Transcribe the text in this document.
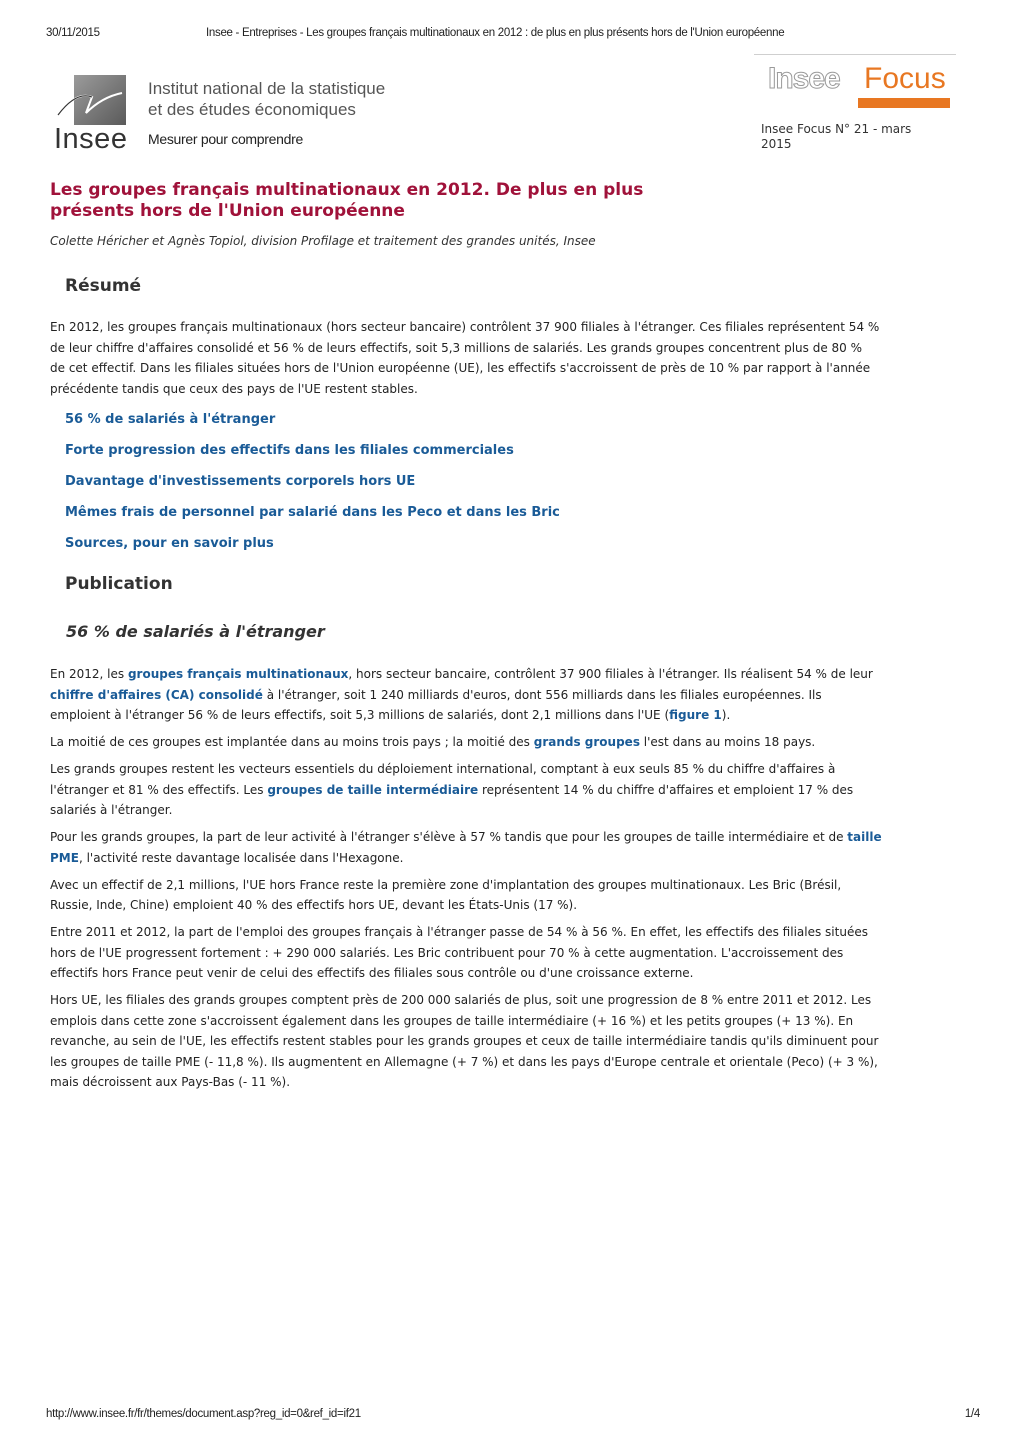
30/11/2015	Insee - Entreprises - Les groupes français multinationaux en 2012 : de plus en plus présents hors de l'Union européenne
Insee
Institut national de la statistique
et des études économiques
Mesurer pour comprendre
Insee Focus
Insee Focus N° 21 - mars 2015
Les groupes français multinationaux en 2012. De plus en plus présents hors de l'Union européenne
Colette Héricher et Agnès Topiol, division Profilage et traitement des grandes unités, Insee
Résumé

En 2012, les groupes français multinationaux (hors secteur bancaire) contrôlent 37 900 filiales à l'étranger. Ces filiales représentent 54 % de leur chiffre d'affaires consolidé et 56 % de leurs effectifs, soit 5,3 millions de salariés. Les grands groupes concentrent plus de 80 % de cet effectif. Dans les filiales situées hors de l'Union européenne (UE), les effectifs s'accroissent de près de 10 % par rapport à l'année précédente tandis que ceux des pays de l'UE restent stables.

56 % de salariés à l'étranger
Forte progression des effectifs dans les filiales commerciales
Davantage d'investissements corporels hors UE
Mêmes frais de personnel par salarié dans les Peco et dans les Bric
Sources, pour en savoir plus
Publication
56 % de salariés à l'étranger

En 2012, les groupes français multinationaux, hors secteur bancaire, contrôlent 37 900 filiales à l'étranger. Ils réalisent 54 % de leur chiffre d'affaires (CA) consolidé à l'étranger, soit 1 240 milliards d'euros, dont 556 milliards dans les filiales européennes. Ils emploient à l'étranger 56 % de leurs effectifs, soit 5,3 millions de salariés, dont 2,1 millions dans l'UE (figure 1).

La moitié de ces groupes est implantée dans au moins trois pays ; la moitié des grands groupes l'est dans au moins 18 pays.

Les grands groupes restent les vecteurs essentiels du déploiement international, comptant à eux seuls 85 % du chiffre d'affaires à l'étranger et 81 % des effectifs. Les groupes de taille intermédiaire représentent 14 % du chiffre d'affaires et emploient 17 % des salariés à l'étranger.

Pour les grands groupes, la part de leur activité à l'étranger s'élève à 57 % tandis que pour les groupes de taille intermédiaire et de taille PME, l'activité reste davantage localisée dans l'Hexagone.

Avec un effectif de 2,1 millions, l'UE hors France reste la première zone d'implantation des groupes multinationaux. Les Bric (Brésil, Russie, Inde, Chine) emploient 40 % des effectifs hors UE, devant les États-Unis (17 %).

Entre 2011 et 2012, la part de l'emploi des groupes français à l'étranger passe de 54 % à 56 %. En effet, les effectifs des filiales situées hors de l'UE progressent fortement : + 290 000 salariés. Les Bric contribuent pour 70 % à cette augmentation. L'accroissement des effectifs hors France peut venir de celui des effectifs des filiales sous contrôle ou d'une croissance externe.

Hors UE, les filiales des grands groupes comptent près de 200 000 salariés de plus, soit une progression de 8 % entre 2011 et 2012. Les emplois dans cette zone s'accroissent également dans les groupes de taille intermédiaire (+ 16 %) et les petits groupes (+ 13 %). En revanche, au sein de l'UE, les effectifs restent stables pour les grands groupes et ceux de taille intermédiaire tandis qu'ils diminuent pour les groupes de taille PME (- 11,8 %). Ils augmentent en Allemagne (+ 7 %) et dans les pays d'Europe centrale et orientale (Peco) (+ 3 %), mais décroissent aux Pays-Bas (- 11 %).

http://www.insee.fr/fr/themes/document.asp?reg_id=0&ref_id=if21	1/4
